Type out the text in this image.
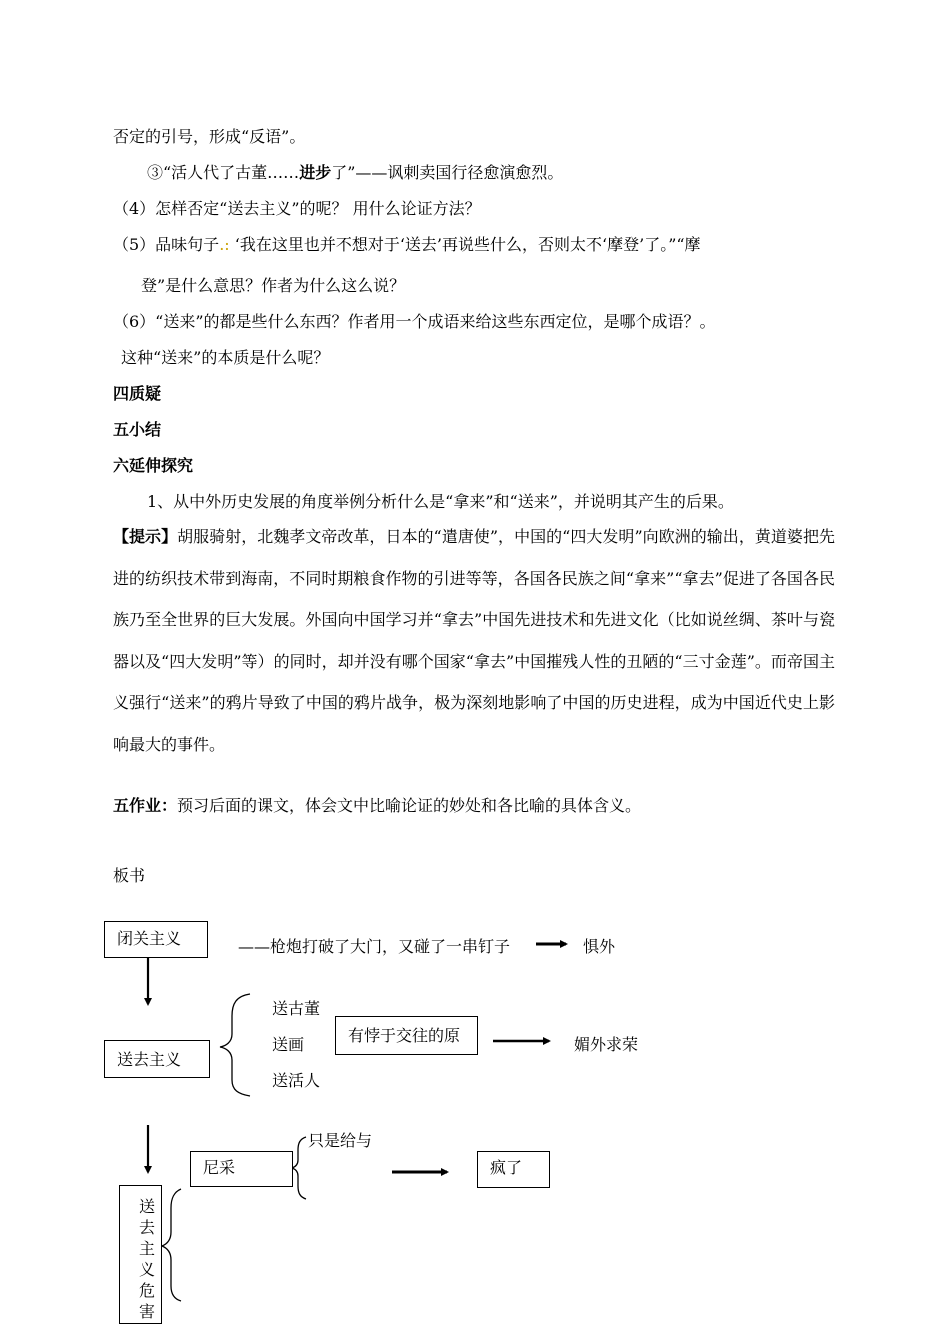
否定的引号，形成“反语”。
③“活人代了古董……进步了”——讽刺卖国行径愈演愈烈。
（4）怎样否定“送去主义”的呢？ 用什么论证方法？
（5）品味句子.: ‘我在这里也并不想对于‘送去’再说些什么，否则太不‘摩登’了。”“摩
登”是什么意思？作者为什么这么说？
（6）“送来”的都是些什么东西？作者用一个成语来给这些东西定位，是哪个成语？。
这种“送来”的本质是什么呢？
四质疑
五小结
六延伸探究
1、从中外历史发展的角度举例分析什么是“拿来”和“送来”，并说明其产生的后果。
【提示】胡服骑射，北魏孝文帝改革，日本的“遣唐使”，中国的“四大发明”向欧洲的输出，黄道婆把先进的纺织技术带到海南，不同时期粮食作物的引进等等，各国各民族之间“拿来”“拿去”促进了各国各民族乃至全世界的巨大发展。外国向中国学习并“拿去”中国先进技术和先进文化（比如说丝绸、茶叶与瓷器以及“四大发明”等）的同时，却并没有哪个国家“拿去”中国摧残人性的丑陋的“三寸金莲”。而帝国主义强行“送来”的鸦片导致了中国的鸦片战争，极为深刻地影响了中国的历史进程，成为中国近代史上影响最大的事件。
五作业：预习后面的课文，体会文中比喻论证的妙处和各比喻的具体含义。
板书
闭关主义	——枪炮打破了大门，又碰了一串钉子	惧外
送去主义
送古董
送画
送活人
有悖于交往的原	媚外求荣
送去主义危害
尼采
只是给与
疯了
